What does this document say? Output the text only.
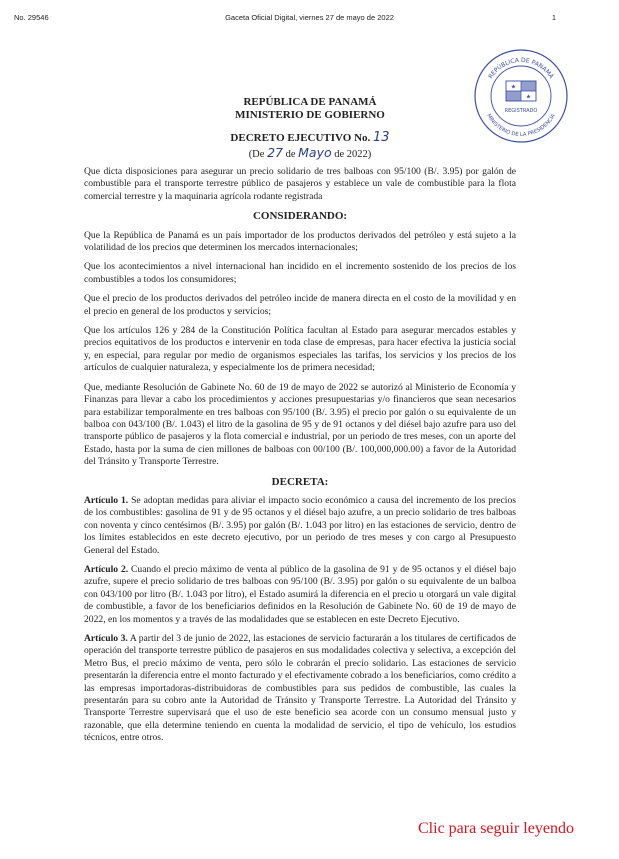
No. 29546	Gaceta Oficial Digital, viernes 27 de mayo de 2022	1
REPÚBLICA DE PANAMÁ
MINISTERIO DE LA PRESIDENCIA
★
★
REGISTRADO
REPÚBLICA DE PANAMÁ
MINISTERIO DE GOBIERNO
DECRETO EJECUTIVO No. 13
(De 27 de Mayo de 2022)

Que dicta disposiciones para asegurar un precio solidario de tres balboas con 95/100 (B/. 3.95) por galón de combustible para el transporte terrestre público de pasajeros y establece un vale de combustible para la flota comercial terrestre y la maquinaria agrícola rodante registrada

CONSIDERANDO:

Que la República de Panamá es un país importador de los productos derivados del petróleo y está sujeto a la volatilidad de los precios que determinen los mercados internacionales;

Que los acontecimientos a nivel internacional han incidido en el incremento sostenido de los precios de los combustibles a todos los consumidores;

Que el precio de los productos derivados del petróleo incide de manera directa en el costo de la movilidad y en el precio en general de los productos y servicios;

Que los artículos 126 y 284 de la Constitución Política facultan al Estado para asegurar mercados estables y precios equitativos de los productos e intervenir en toda clase de empresas, para hacer efectiva la justicia social y, en especial, para regular por medio de organismos especiales las tarifas, los servicios y los precios de los artículos de cualquier naturaleza, y especialmente los de primera necesidad;

Que, mediante Resolución de Gabinete No. 60 de 19 de mayo de 2022 se autorizó al Ministerio de Economía y Finanzas para llevar a cabo los procedimientos y acciones presupuestarias y/o financieros que sean necesarios para estabilizar temporalmente en tres balboas con 95/100 (B/. 3.95) el precio por galón o su equivalente de un balboa con 043/100 (B/. 1.043) el litro de la gasolina de 95 y de 91 octanos y del diésel bajo azufre para uso del transporte público de pasajeros y la flota comercial e industrial, por un periodo de tres meses, con un aporte del Estado, hasta por la suma de cien millones de balboas con 00/100 (B/. 100,000,000.00) a favor de la Autoridad del Tránsito y Transporte Terrestre.

DECRETA:

Artículo 1. Se adoptan medidas para aliviar el impacto socio económico a causa del incremento de los precios de los combustibles: gasolina de 91 y de 95 octanos y el diésel bajo azufre, a un precio solidario de tres balboas con noventa y cinco centésimos (B/. 3.95) por galón (B/. 1.043 por litro) en las estaciones de servicio, dentro de los límites establecidos en este decreto ejecutivo, por un periodo de tres meses y con cargo al Presupuesto General del Estado.

Artículo 2. Cuando el precio máximo de venta al público de la gasolina de 91 y de 95 octanos y el diésel bajo azufre, supere el precio solidario de tres balboas con 95/100 (B/. 3.95) por galón o su equivalente de un balboa con 043/100 por litro (B/. 1.043 por litro), el Estado asumirá la diferencia en el precio u otorgará un vale digital de combustible, a favor de los beneficiarios definidos en la Resolución de Gabinete No. 60 de 19 de mayo de 2022, en los momentos y a través de las modalidades que se establecen en este Decreto Ejecutivo.

Artículo 3. A partir del 3 de junio de 2022, las estaciones de servicio facturarán a los titulares de certificados de operación del transporte terrestre público de pasajeros en sus modalidades colectiva y selectiva, a excepción del Metro Bus, el precio máximo de venta, pero sólo le cobrarán el precio solidario. Las estaciones de servicio presentarán la diferencia entre el monto facturado y el efectivamente cobrado a los beneficiarios, como crédito a las empresas importadoras-distribuidoras de combustibles para sus pedidos de combustible, las cuales la presentarán para su cobro ante la Autoridad de Tránsito y Transporte Terrestre. La Autoridad del Tránsito y Transporte Terrestre supervisará que el uso de este beneficio sea acorde con un consumo mensual justo y razonable, que ella determine teniendo en cuenta la modalidad de servicio, el tipo de vehículo, los estudios técnicos, entre otros.

Clic para seguir leyendo
